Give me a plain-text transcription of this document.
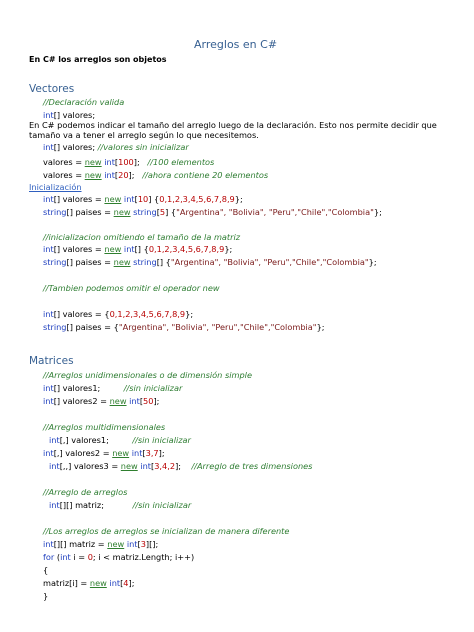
Arreglos en C#
En C# los arreglos son objetos
Vectores
//Declaración valida
int[] valores;
En C# podemos indicar el tamaño del arreglo luego de la declaración. Esto nos permite decidir que
tamaño va a tener el arreglo según lo que necesitemos.
int[] valores; //valores sin inicializar
valores = new int[100];   //100 elementos
valores = new int[20];   //ahora contiene 20 elementos
Inicialización
int[] valores = new int[10] {0,1,2,3,4,5,6,7,8,9};
string[] paises = new string[5] {"Argentina", "Bolivia", "Peru","Chile","Colombia"};
//inicializacion omitiendo el tamaño de la matriz
int[] valores = new int[] {0,1,2,3,4,5,6,7,8,9};
string[] paises = new string[] {"Argentina", "Bolivia", "Peru","Chile","Colombia"};
//Tambien podemos omitir el operador new
int[] valores = {0,1,2,3,4,5,6,7,8,9};
string[] paises = {"Argentina", "Bolivia", "Peru","Chile","Colombia"};
Matrices
//Arreglos unidimensionales o de dimensión simple
int[] valores1;         //sin inicializar
int[] valores2 = new int[50];
//Arreglos multidimensionales
int[,] valores1;         //sin inicializar
int[,] valores2 = new int[3,7];
int[,,] valores3 = new int[3,4,2];    //Arreglo de tres dimensiones
//Arreglo de arreglos
int[][] matriz;           //sin inicializar
//Los arreglos de arreglos se inicializan de manera diferente
int[][] matriz = new int[3][];
for (int i = 0; i < matriz.Length; i++)
{
matriz[i] = new int[4];
}
